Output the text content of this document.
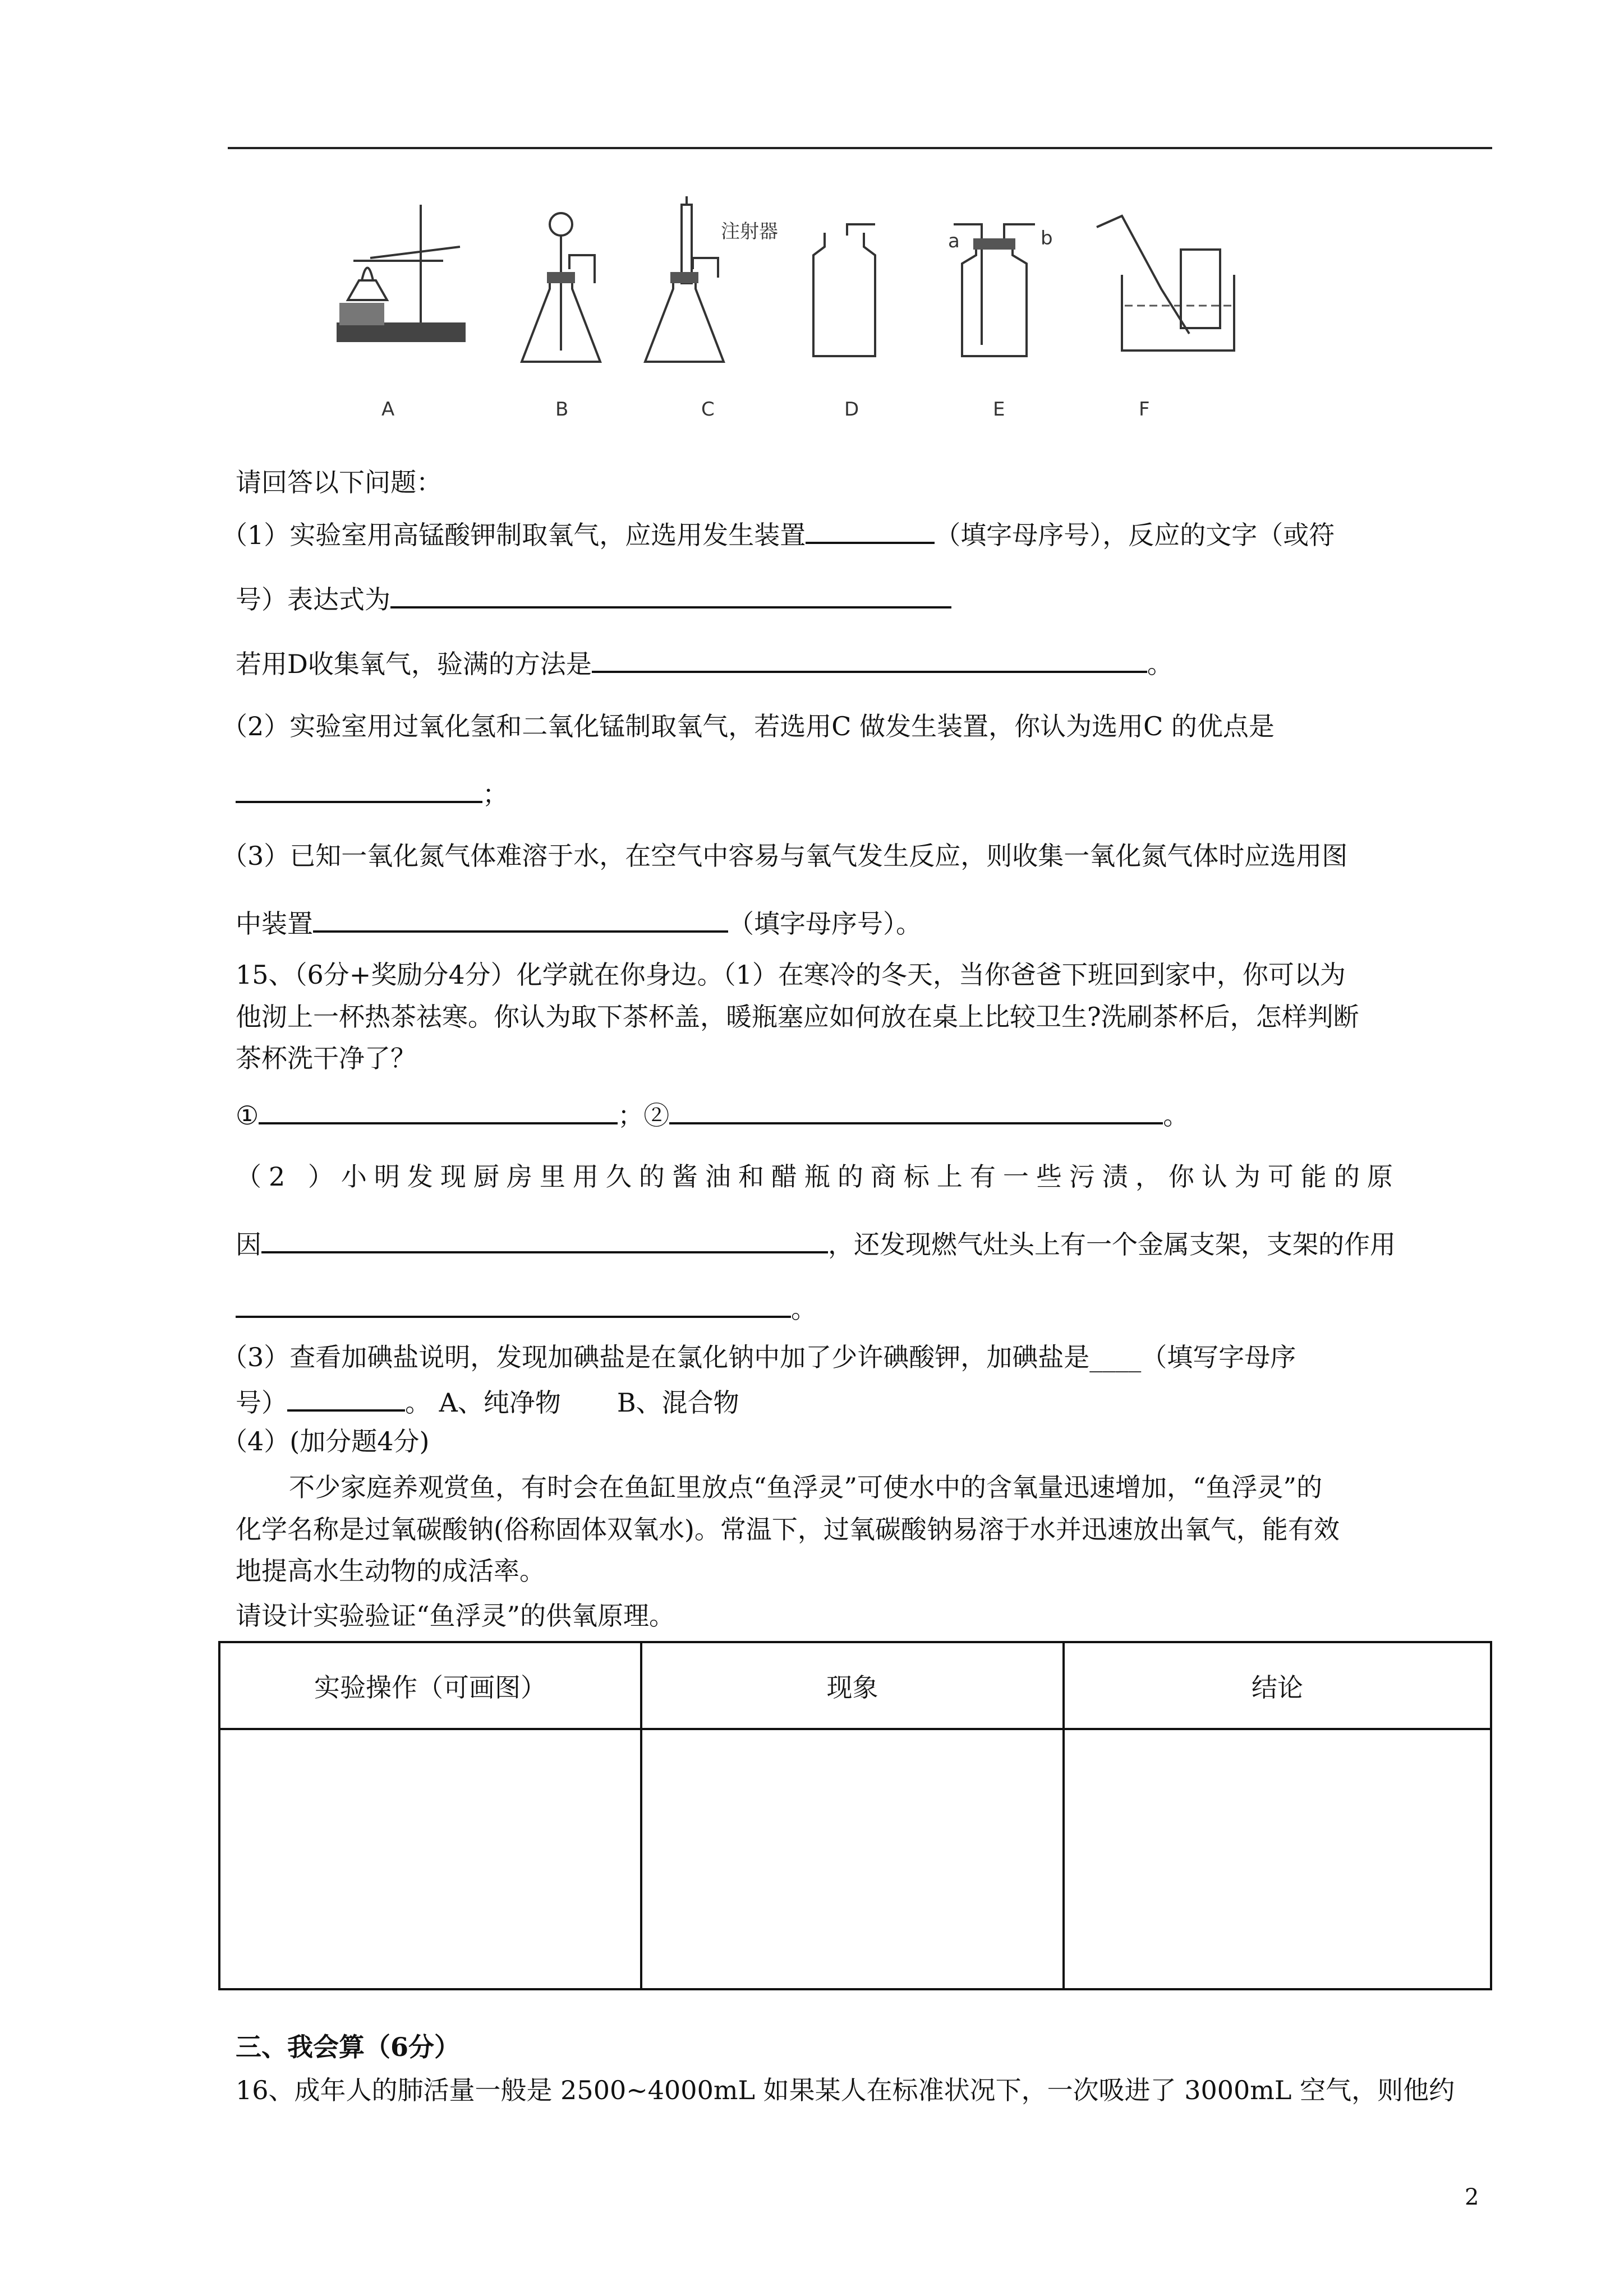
注射器	a	b
A	B	C	D	E	F
请回答以下问题：
（1）实验室用高锰酸钾制取氧气，应选用发生装置	（填字母序号），反应的文字（或符
号）表达式为
若用D收集氧气，验满的方法是	。
（2）实验室用过氧化氢和二氧化锰制取氧气，若选用C 做发生装置，你认为选用C 的优点是
；
（3）已知一氧化氮气体难溶于水，在空气中容易与氧气发生反应，则收集一氧化氮气体时应选用图
中装置	（填字母序号）。
15、（6分+奖励分4分）化学就在你身边。（1）在寒冷的冬天，当你爸爸下班回到家中，你可以为
他沏上一杯热茶祛寒。你认为取下茶杯盖，暖瓶塞应如何放在桌上比较卫生?洗刷茶杯后，怎样判断
茶杯洗干净了？
①	；②	。
（2 ）小明发现厨房里用久的酱油和醋瓶的商标上有一些污渍，你认为可能的原
因	，还发现燃气灶头上有一个金属支架，支架的作用
。
（3）查看加碘盐说明，发现加碘盐是在氯化钠中加了少许碘酸钾，加碘盐是____（填写字母序
号）	。 A、纯净物 B、混合物
（4）(加分题4分)
不少家庭养观赏鱼，有时会在鱼缸里放点“鱼浮灵”可使水中的含氧量迅速增加，“鱼浮灵”的
化学名称是过氧碳酸钠(俗称固体双氧水)。常温下，过氧碳酸钠易溶于水并迅速放出氧气，能有效
地提高水生动物的成活率。
请设计实验验证“鱼浮灵”的供氧原理。
实验操作（可画图）	现象	结论
三、我会算（6分）
16、成年人的肺活量一般是 2500~4000mL 如果某人在标准状况下，一次吸进了 3000mL 空气，则他约
2
